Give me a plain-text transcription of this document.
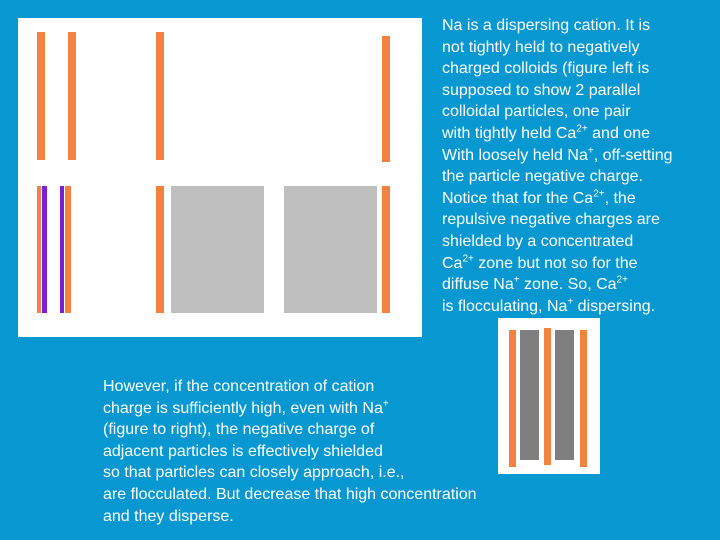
Na is a dispersing cation. It is
not tightly held to negatively
charged colloids (figure left is
supposed to show 2 parallel
colloidal particles, one pair
with tightly held $Ca^{2+}$ and one
With loosely held Na+, off-setting
the particle negative charge.
Notice that for the $Ca^{2+}$, the
repulsive negative charges are
shielded by a concentrated
$Ca^{2+}$ zone but not so for the
diffuse Na+ zone. So, $Ca^{2+}$
is flocculating, Na+ dispersing.
However, if the concentration of cation
charge is sufficiently high, even with Na+
(figure to right), the negative charge of
adjacent particles is effectively shielded
so that particles can closely approach, i.e.,
are flocculated. But decrease that high concentration
and they disperse.
